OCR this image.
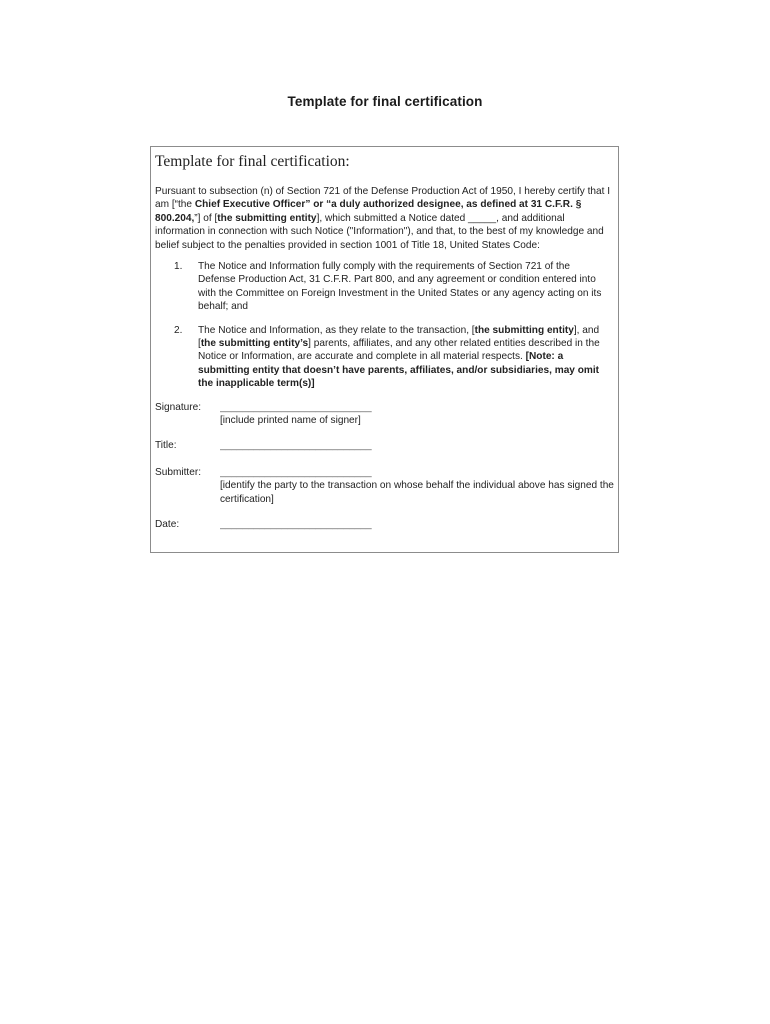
Template for final certification
Template for final certification:
Pursuant to subsection (n) of Section 721 of the Defense Production Act of 1950, I hereby certify that I am [“the Chief Executive Officer” or “a duly authorized designee, as defined at 31 C.F.R. § 800.204,”] of [the submitting entity], which submitted a Notice dated _____, and additional information in connection with such Notice ("Information"), and that, to the best of my knowledge and belief subject to the penalties provided in section 1001 of Title 18, United States Code:
1.	The Notice and Information fully comply with the requirements of Section 721 of the Defense Production Act, 31 C.F.R. Part 800, and any agreement or condition entered into with the Committee on Foreign Investment in the United States or any agency acting on its behalf; and
2.	The Notice and Information, as they relate to the transaction, [the submitting entity], and [the submitting entity’s] parents, affiliates, and any other related entities described in the Notice or Information, are accurate and complete in all material respects. [Note: a submitting entity that doesn’t have parents, affiliates, and/or subsidiaries, may omit the inapplicable term(s)]
Signature:	___________________________
[include printed name of signer]
Title:	___________________________
Submitter:	___________________________
[identify the party to the transaction on whose behalf the individual above has signed the certification]
Date:	___________________________
